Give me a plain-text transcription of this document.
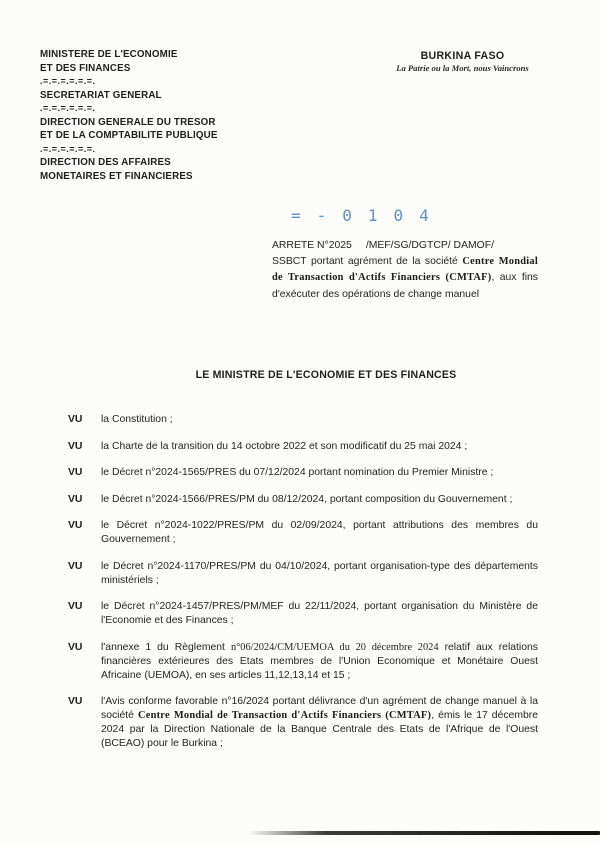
MINISTERE DE L'ECONOMIE
ET DES FINANCES
.=.=.=.=.=.=.
SECRETARIAT GENERAL
.=.=.=.=.=.=.
DIRECTION GENERALE DU TRESOR
ET DE LA COMPTABILITE PUBLIQUE
.=.=.=.=.=.=.
DIRECTION DES AFFAIRES
MONETAIRES ET FINANCIERES
BURKINA FASO
La Patrie ou la Mort, nous Vaincrons
=-0104
ARRETE N°2025 /MEF/SG/DGTCP/ DAMOF/
SSBCT portant agrément de la société Centre Mondial de Transaction d'Actifs Financiers (CMTAF), aux fins d'exécuter des opérations de change manuel
LE MINISTRE DE L'ECONOMIE ET DES FINANCES
VU	la Constitution ;

VU	la Charte de la transition du 14 octobre 2022 et son modificatif du 25 mai 2024 ;

VU	le Décret n°2024-1565/PRES du 07/12/2024 portant nomination du Premier Ministre ;

VU	le Décret n°2024-1566/PRES/PM du 08/12/2024, portant composition du Gouvernement ;

VU	le Décret n°2024-1022/PRES/PM du 02/09/2024, portant attributions des membres du Gouvernement ;

VU	le Décret n°2024-1170/PRES/PM du 04/10/2024, portant organisation-type des départements ministériels ;

VU	le Décret n°2024-1457/PRES/PM/MEF du 22/11/2024, portant organisation du Ministère de l'Economie et des Finances ;

VU	l'annexe 1 du Règlement n°06/2024/CM/UEMOA du 20 décembre 2024 relatif aux relations financières extérieures des Etats membres de l'Union Economique et Monétaire Ouest Africaine (UEMOA), en ses articles 11,12,13,14 et 15 ;

VU	l'Avis conforme favorable n°16/2024 portant délivrance d'un agrément de change manuel à la société Centre Mondial de Transaction d'Actifs Financiers (CMTAF), émis le 17 décembre 2024 par la Direction Nationale de la Banque Centrale des Etats de l'Afrique de l'Ouest (BCEAO) pour le Burkina ;
